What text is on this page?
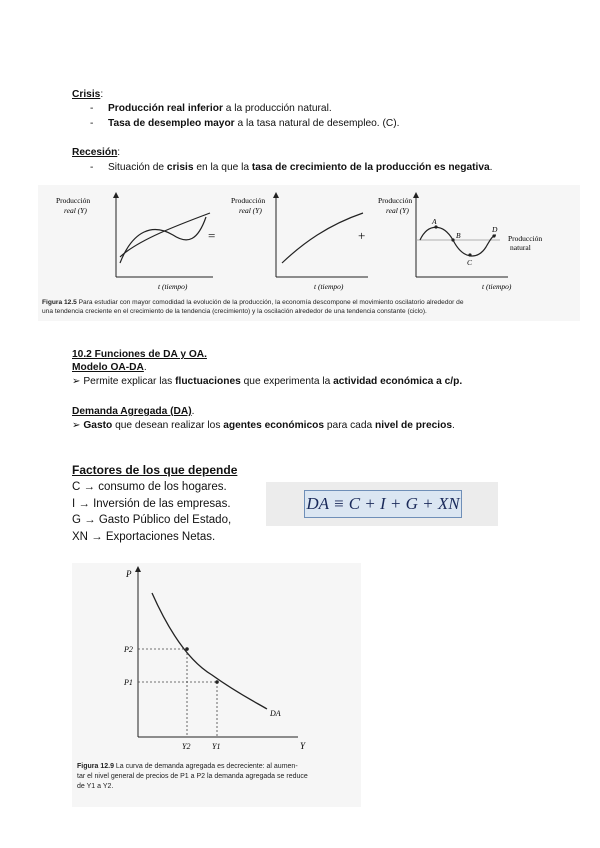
Crisis:
- Producción real inferior a la producción natural.
- Tasa de desempleo mayor a la tasa natural de desempleo. (C).
Recesión:
- Situación de crisis en la que la tasa de crecimiento de la producción es negativa.
Producción
real (Y)
t (tiempo)
=
Producción
real (Y)
t (tiempo)
+
Producción
real (Y)
A
B
C
D
Producción
natural
t (tiempo)
Figura 12.5 Para estudiar con mayor comodidad la evolución de la producción, la economía descompone el movimiento oscilatorio alrededor de
una tendencia creciente en el crecimiento de la tendencia (crecimiento) y la oscilación alrededor de una tendencia constante (ciclo).
10.2 Funciones de DA y OA.
Modelo OA-DA.
➢ Permite explicar las fluctuaciones que experimenta la actividad económica a c/p.
Demanda Agregada (DA).
➢ Gasto que desean realizar los agentes económicos para cada nivel de precios.
Factores de los que depende
C → consumo de los hogares.
I → Inversión de las empresas.
G → Gasto Público del Estado,
XN → Exportaciones Netas.
DA ≡ C + I + G + XN
P
Y
P2
P1
Y2	Y1
DA
Figura 12.9 La curva de demanda agregada es decreciente: al aumen-
tar el nivel general de precios de P1 a P2 la demanda agregada se reduce
de Y1 a Y2.
